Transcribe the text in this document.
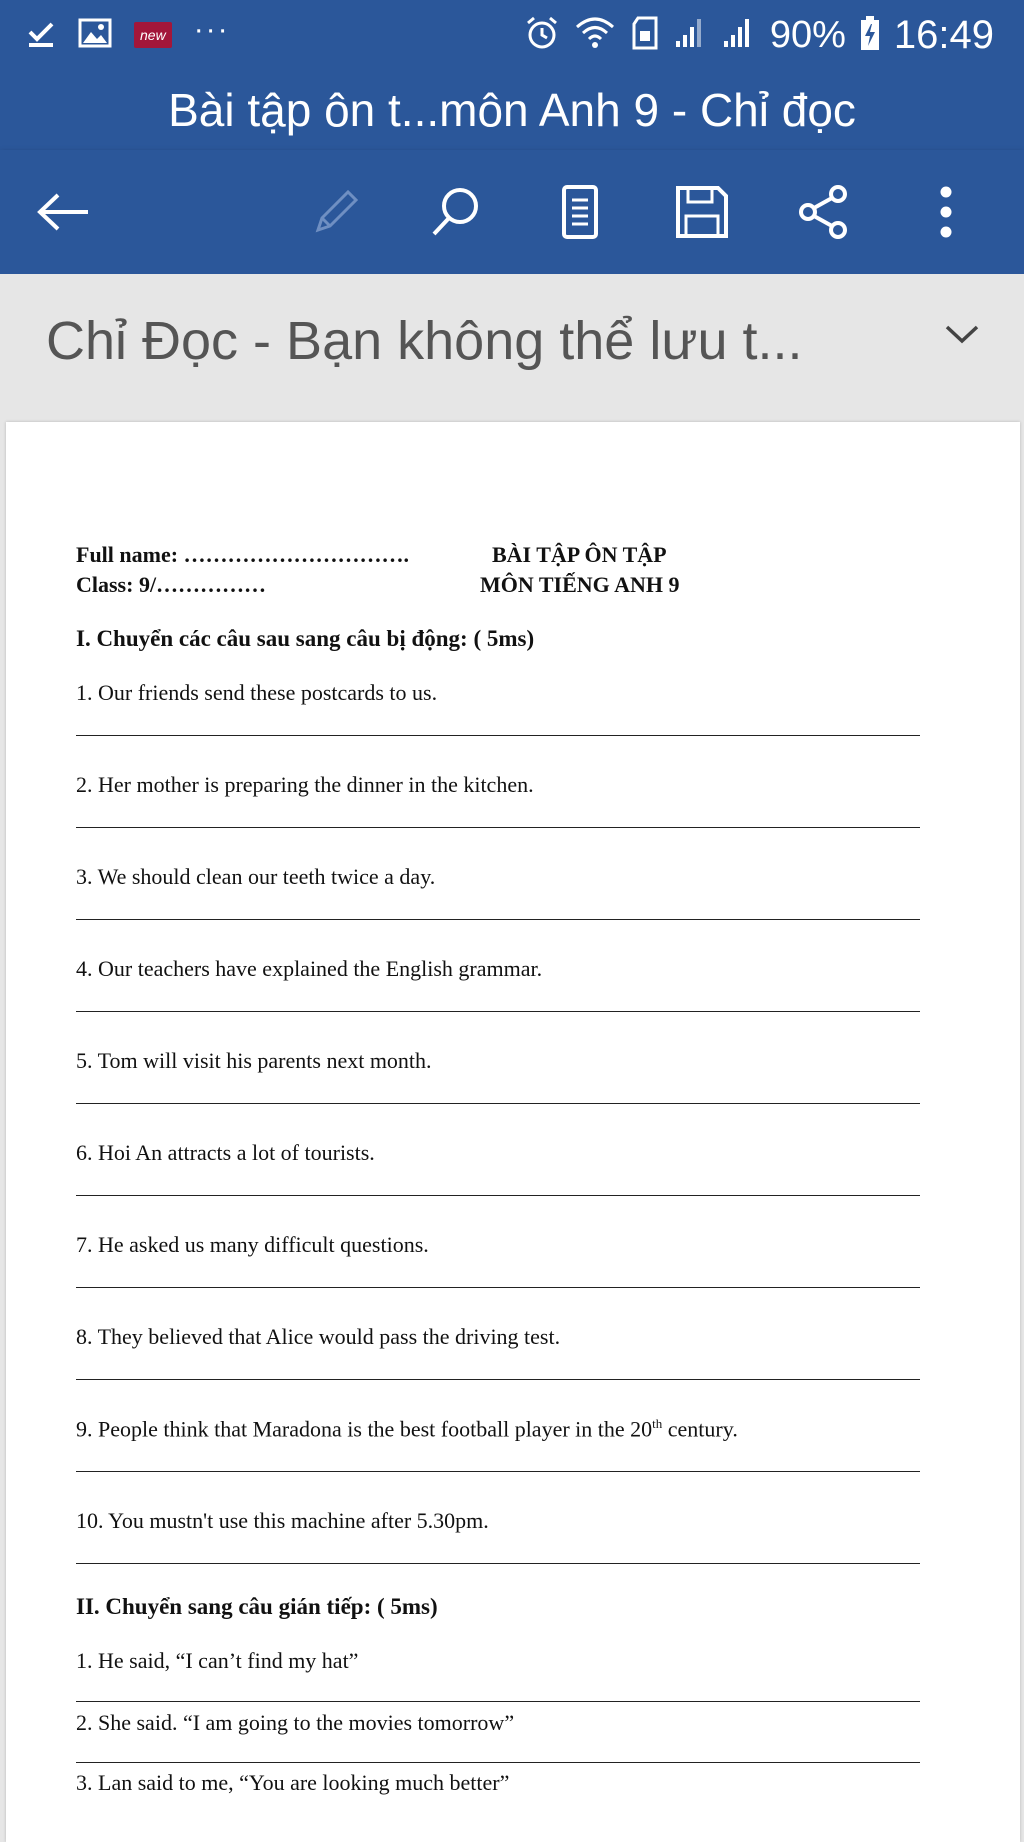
new ···	90% 16:49
Bài tập ôn t...môn Anh 9 - Chỉ đọc
Chỉ Đọc - Bạn không thể lưu t...
Full name: ………………………….
Class: 9/……………
BÀI TẬP ÔN TẬP
MÔN TIẾNG ANH 9
I. Chuyển các câu sau sang câu bị động: ( 5ms)
1. Our friends send these postcards to us.
2. Her mother is preparing the dinner in the kitchen.
3. We should clean our teeth twice a day.
4. Our teachers have explained the English grammar.
5. Tom will visit his parents next month.
6. Hoi An attracts a lot of tourists.
7. He asked us many difficult questions.
8. They believed that Alice would pass the driving test.
9. People think that Maradona is the best football player in the 20th century.
10. You mustn't use this machine after 5.30pm.
II. Chuyển sang câu gián tiếp: ( 5ms)
1. He said, “I can’t find my hat”
2. She said. “I am going to the movies tomorrow”
3. Lan said to me, “You are looking much better”
